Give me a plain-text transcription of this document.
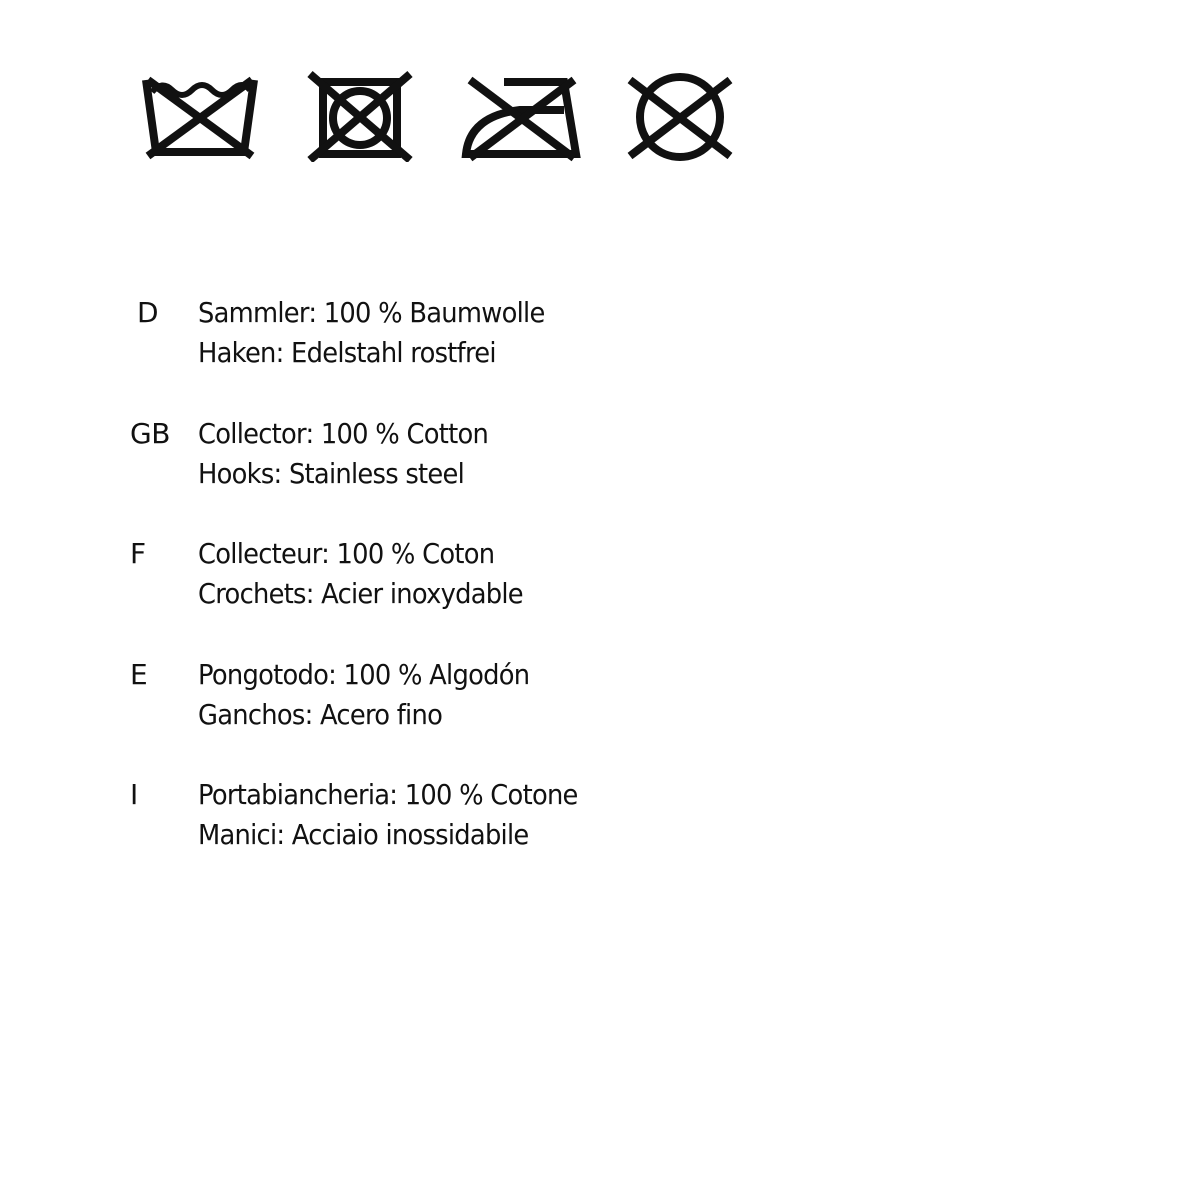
D Sammler: 100 % Baumwolle
Haken: Edelstahl rostfrei
GB Collector: 100 % Cotton
Hooks: Stainless steel
F Collecteur: 100 % Coton
Crochets: Acier inoxydable
E Pongotodo: 100 % Algodón
Ganchos: Acero fino
I Portabiancheria: 100 % Cotone
Manici: Acciaio inossidabile
